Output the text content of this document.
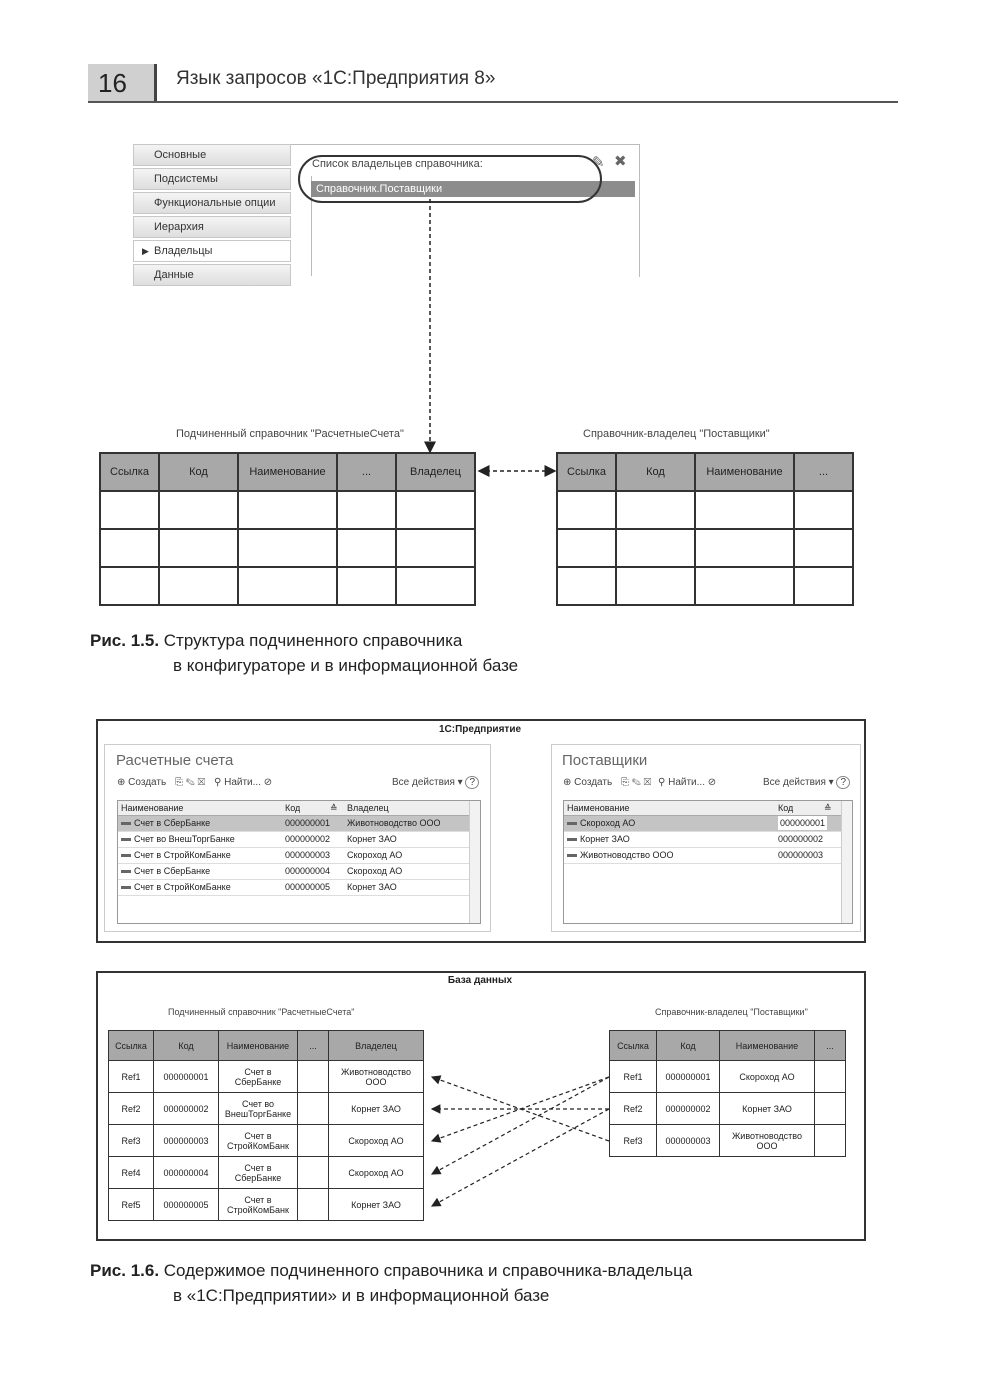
16	Язык запросов «1С:Предприятия 8»
Основные
Подсистемы
Функциональные опции
Иерархия
▶ Владельцы
Данные
Список владельцев справочника:
Справочник.Поставщики
✎ ✖
Подчиненный справочник "РасчетныеСчета"	Справочник-владелец "Поставщики"
Ссылка	Код	Наименование	...	Владелец

					Ссылка	Код	Наименование	...

Рис. 1.5. Структура подчиненного справочника
в конфигураторе и в информационной базе
1С:Предприятие
Расчетные счета
⊕ Создать ⎘ ✎ ☒ ⚲ Найти... ⊘	Все действия ▾ ?
Наименование	Код	≙ Владелец
Счет в СберБанке	000000001 Животноводство ООО
Счет во ВнешТоргБанке	000000002 Корнет ЗАО
Счет в СтройКомБанке	000000003 Скороход АО
Счет в СберБанке	000000004 Скороход АО
Счет в СтройКомБанке	000000005 Корнет ЗАО
Поставщики
⊕ Создать ⎘ ✎ ☒ ⚲ Найти... ⊘	Все действия ▾ ?
Наименование	Код	≙
Скороход АО	000000001
Корнет ЗАО	000000002
Животноводство ООО	000000003
База данных
Подчиненный справочник "РасчетныеСчета"	Справочник-владелец "Поставщики"
Ссылка	Код	Наименование	...	Владелец
Ref1	000000001	Счет в СберБанке		Животноводство ООО
Ref2	000000002	Счет во ВнешТоргБанке		Корнет ЗАО
Ref3	000000003	Счет в СтройКомБанк		Скороход АО
Ref4	000000004	Счет в СберБанке		Скороход АО
Ref5	000000005	Счет в СтройКомБанк		Корнет ЗАО
Ссылка	Код	Наименование	...
Ref1	000000001	Скороход АО	
Ref2	000000002	Корнет ЗАО	
Ref3	000000003	Животноводство ООО	
Рис. 1.6. Содержимое подчиненного справочника и справочника-владельца
в «1С:Предприятии» и в информационной базе
